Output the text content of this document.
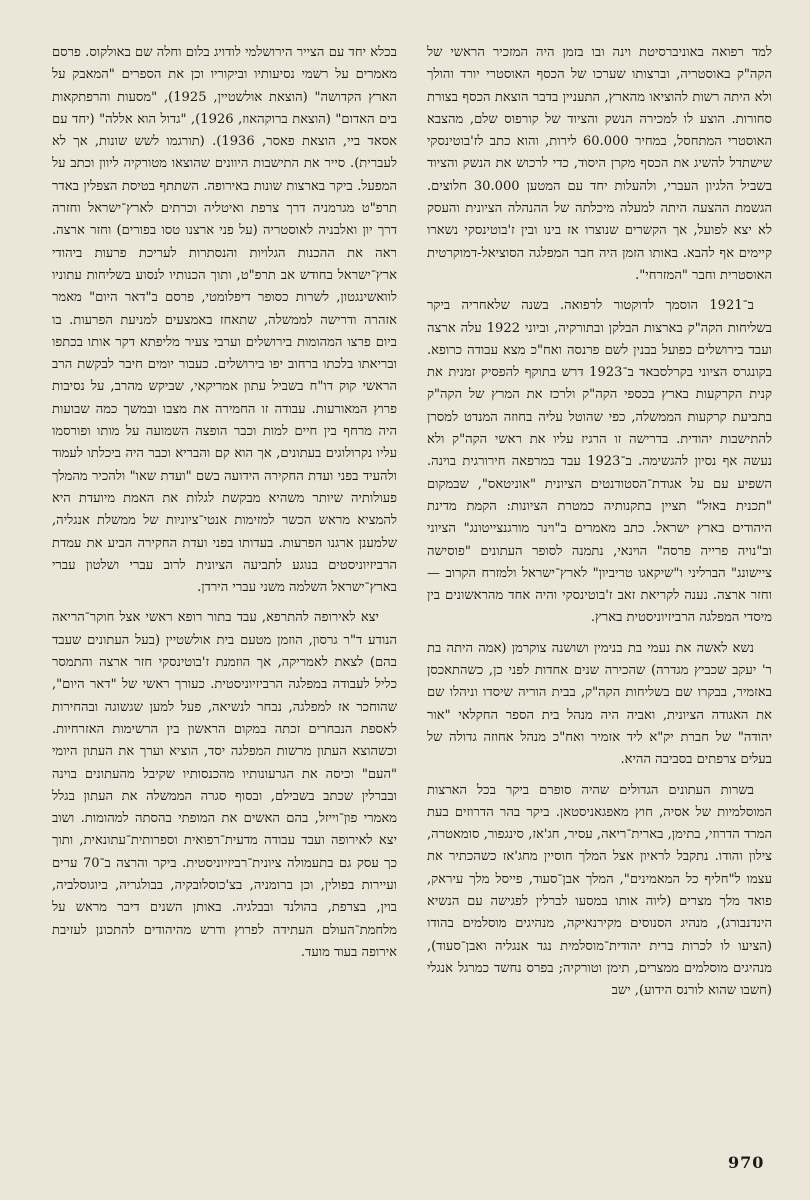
למד רפואה באוניברסיטת וינה ובו בזמן היה המזכיר הראשי של הקה"ק באוסטריה, וברצותו שערכו של הכסף האוסטרי יורד והולך ולא היתה רשות להוציאו מהארץ, התעניין בדבר הוצאת הכסף בצורת סחורות. הוצע לו למכירה הנשק והציוד של קורפוס שלם, מהצבא האוסטרי המתחסל, במחיר 60.000 לירות, והוא כתב לז'בוטינסקי שישתדל להשיג את הכסף מקרן היסוד, כדי לרכוש את הנשק והציוד בשביל הלגיון העברי, ולהעלות יחד עם המטען 30.000 חלוצים. הגשמת ההצעה היתה למעלה מיכלתה של ההנהלה הציונית והעסק לא יצא לפועל, אך הקשרים שנוצרו אז בינו ובין ז'בוטינסקי נשארו קיימים אף להבא. באותו הזמן היה חבר המפלגה הסוציאל-דמוקרטית האוסטרית וחבר "המזרחי".

ב־1921 הוסמך לדוקטור לרפואה. בשנה שלאחריה ביקר בשליחות הקה"ק בארצות הבלקן ובתורקיה, וביוני 1922 עלה ארצה ועבד בירושלים כפועל בבנין לשם פרנסה ואח"כ מצא עבודה כרופא. בקונגרס הציוני בקרלסבאד ב־1923 דרש בתוקף להפסיק זמנית את קנית הקרקעות בארץ בכספי הקה"ק ולרכז את המרץ של הקה"ק בתביעת קרקעות הממשלה, כפי שהוטל עליה בחוזה המנדט למסרן להתישבות יהודית. בדרישה זו הרגיז עליו את ראשי הקה"ק ולא נעשה אף נסיון להגשימה. ב־1923 עבד במרפאה חירורגית בוינה. השפיע עם על אגודת־הסטודנטים הציונית "אוניטאס", שבמקום "תכנית באזל" תציין בתקנותיה כמטרת הציונות: הקמת מדינת היהודים בארץ ישראל. כתב מאמרים ב"וינר מורגנצייטונג" הציוני וב"נויה פרייה פרסה" הוינאי, נתמנה לסופר העתונים "פוסישה ציישונג" הברליני ו"שיקאגו טריביון" לארץ־ישראל ולמזרח הקרוב — וחזר ארצה. נענה לקריאת זאב ז'בוטינסקי והיה אחד מהראשונים בין מיסדי המפלגה הרביזיוניסטית בארץ.

נשא לאשה את נעמי בת בנימין ושושנה צוקרמן (אמה היתה בת ר' יעקב שכביץ מגדרה) שהכירה שנים אחדות לפני כן, כשהתאכסן באזמיר, בבקרו שם בשליחות הקה"ק, בבית הוריה שיסדו וניהלו שם את האגודה הציונית, ואביה היה מנהל בית הספר החקלאי "אור יהודה" של חברת יק"א ליד אזמיר ואח"כ מנהל אחוזה גדולה של בעלים צרפתים בסביבה ההיא.

בשרות העתונים הגדולים שהיה סופרם ביקר בכל הארצות המוסלמיות של אסיה, חוץ מאפגאניסטאן. ביקר בהר הדרוזים בעת המרד הדרוזי, בתימן, בארית־ריאה, עסיר, חג'אז, סינגפור, סומאטרה, צילון והודו. נתקבל לראיון אצל המלך חוסיין מחג'אז כשהכתיר את עצמו ל"חליף כל המאמינים", המלך אבן־סעוד, פייסל מלך עיראק, פואד מלך מצרים (ליוה אותו במסעו לברלין לפגישה עם הנשיא הינדנבורג), מנהיג הסנוסים מקירנאיקה, מנהיגים מוסלמים בהודו (הציעו לו לכרות ברית יהודית־מוסלמית נגד אנגליה ואבן־סעוד), מנהיגים מוסלמים ממצרים, תימן וטורקיה; בפרס נחשד כמרגל אנגלי (חשבו שהוא לורנס הידוע), ישב

בכלא יחד עם הצייר הירושלמי לודויג בלום וחלה שם באולקוס. פרסם מאמרים על רשמי נסיעותיו וביקוריו וכן את הספרים "המאבק על הארץ הקדושה" (הוצאת אולשטיין, 1925), "מסעות והרפתקאות בים האדום" (הוצאת ברוקהאוז, 1926), "גדול הוא אללה" (יחד עם אסאד ביי, הוצאת פאסר, 1936). (תורגמו לשש שונות, אך לא לעברית). סייר את התישבות היוונים שהוצאו מטורקיה ליוון וכתב על המפעל. ביקר בארצות שונות באירופה. השתתף בטיסת הצפלין באדר תרפ"ט מגרמניה דרך צרפת ואיטליה וכרתים לארץ־ישראל וחזרה דרך יון ואלבניה לאוסטריה (על פני ארצנו טסו בפורים) וחזר ארצה. ראה את ההכנות הגלויות והנסתרות לעריכת פרעות ביהודי ארץ־ישראל בחודש אב תרפ"ט, ותוך הכנותיו לנסוע בשליחות עתוניו לוואשינגטון, לשרות כסופר דיפלומטי, פרסם ב"דאר היום" מאמר אזהרה ודרישה לממשלה, שתאחז באמצעים למניעת הפרעות. בו ביום פרצו המהומות בירושלים וערבי צעיר מליפתא דקר אותו בכתפו ובריאתו בלכתו ברחוב יפו בירושלים. כעבור יומים חיבר לבקשת הרב הראשי קוק דו"ח בשביל עתון אמריקאי, שביקש מהרב, על נסיבות פרוץ המאורעות. עבודה זו החמירה את מצבו ובמשך כמה שבועות היה מרחף בין חיים למות וכבר הופצה השמועה על מותו ופורסמו עליו נקרולוגים בעתונים, אך הוא קם והבריא וכבר היה ביכלתו לעמוד ולהעיד בפני ועדת החקירה הידועה בשם "ועדת שאו" ולהכיר מהמלך פעולותיה שיותר משהיא מבקשת לגלות את האמת מיועדת היא להמציא מראש הכשר למזימות אנטי־ציוניות של ממשלת אנגליה, שלמענן ארגנו הפרעות. בעדותו בפני ועדת החקירה הביע את עמדת הרביזיוניסטים בנוגע לתביעה הציונית לרוב עברי ושלטון עברי בארץ־ישראל השלמה משני עברי הירדן.

יצא לאירופה להתרפא, עבד בתור רופא ראשי אצל חוקר־הריאה הנודע ד"ר גרסון, הוזמן מטעם בית אולשטיין (בעל העתונים שעבד בהם) לצאת לאמריקה, אך הוזמנת ז'בוטינסקי חזר ארצה והתמסר כליל לעבודה במפלגה הרביזיוניסטית. כעורך ראשי של "דאר היום", שהוחכר אז למפלגה, נבחר לנשיאה, פעל למען שגשוגה ובהחירות לאספת הנבחרים זכתה במקום הראשון בין הרשימות האזרחיות. וכשהוצא העתון מרשות המפלגה יסד, הוציא וערך את העתון היומי "העם" וכיסה את הגרעונותיו מהכנסותיו שקיבל מהעתונים בוינה ובברלין שכתב בשבילם, ובסוף סגרה הממשלה את העתון בגלל מאמרי פון־וייזל, בהם האשים את המופתי בהסתה למהומות. ושוב יצא לאירופה ועבד עבודה מדעית־רפואית וספרותית־עתונאית, ותוך כך עסק גם בתעמולה ציונית־רביזיוניסטית. ביקר והרצה ב־70 ערים ועיירות בפולין, וכן ברומניה, בצ'כוסלובקיה, בבולגריה, ביוגוסלביה, בוין, בצרפת, בהולנד ובבלגיה. באותן השנים דיבר מראש על מלחמת־העולם העתידה לפרוץ ודרש מהיהודים להתכונן לעזיבת אירופה בעוד מועד.

970
